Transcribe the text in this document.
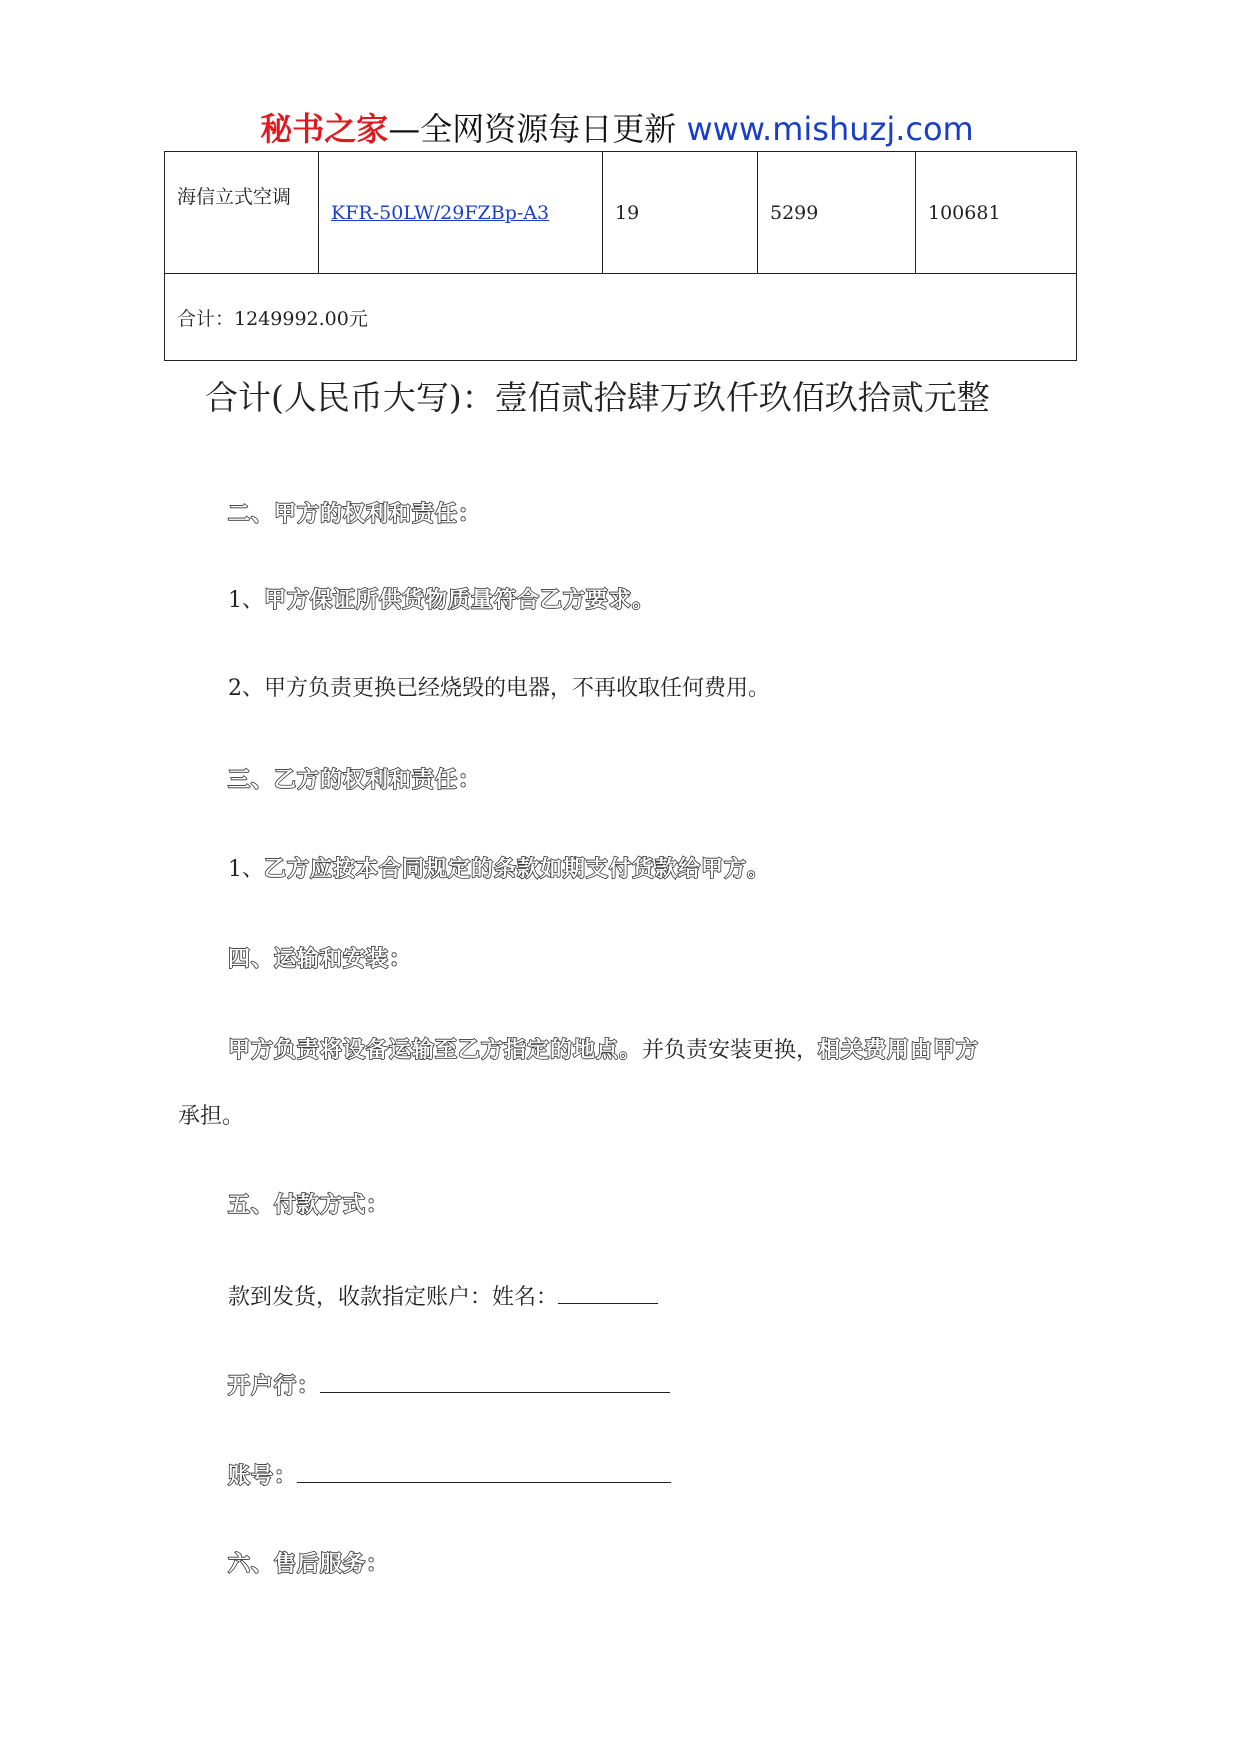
秘书之家—全网资源每日更新 www.mishuzj.com
海信立式空调	KFR-50LW/29FZBp-A3	19	5299	100681
合计：1249992.00元
合计(人民币大写)：壹佰贰拾肆万玖仟玖佰玖拾贰元整
二、甲方的权利和责任：
1、甲方保证所供货物质量符合乙方要求。
2、甲方负责更换已经烧毁的电器，不再收取任何费用。
三、乙方的权利和责任：
1、乙方应按本合同规定的条款如期支付货款给甲方。
四、运输和安装：
甲方负责将设备运输至乙方指定的地点。并负责安装更换，相关费用由甲方
承担。
五、付款方式：
款到发货，收款指定账户：姓名：
开户行：
账号：
六、售后服务：
